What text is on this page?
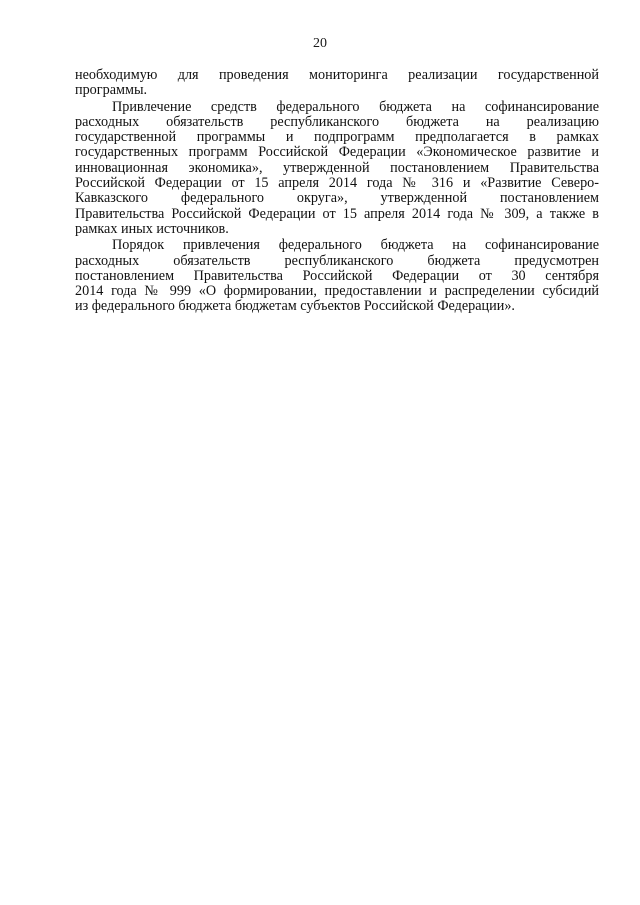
20
необходимую для проведения мониторинга реализации государственной
программы.
Привлечение средств федерального бюджета на софинансирование
расходных обязательств республиканского бюджета на реализацию
государственной программы и подпрограмм предполагается в рамках
государственных программ Российской Федерации «Экономическое развитие и
инновационная экономика», утвержденной постановлением Правительства
Российской Федерации от 15 апреля 2014 года № 316 и «Развитие Северо-
Кавказского федерального округа», утвержденной постановлением
Правительства Российской Федерации от 15 апреля 2014 года № 309, а также в
рамках иных источников.
Порядок привлечения федерального бюджета на софинансирование
расходных обязательств республиканского бюджета предусмотрен
постановлением Правительства Российской Федерации от 30 сентября
2014 года № 999 «О формировании, предоставлении и распределении субсидий
из федерального бюджета бюджетам субъектов Российской Федерации».
